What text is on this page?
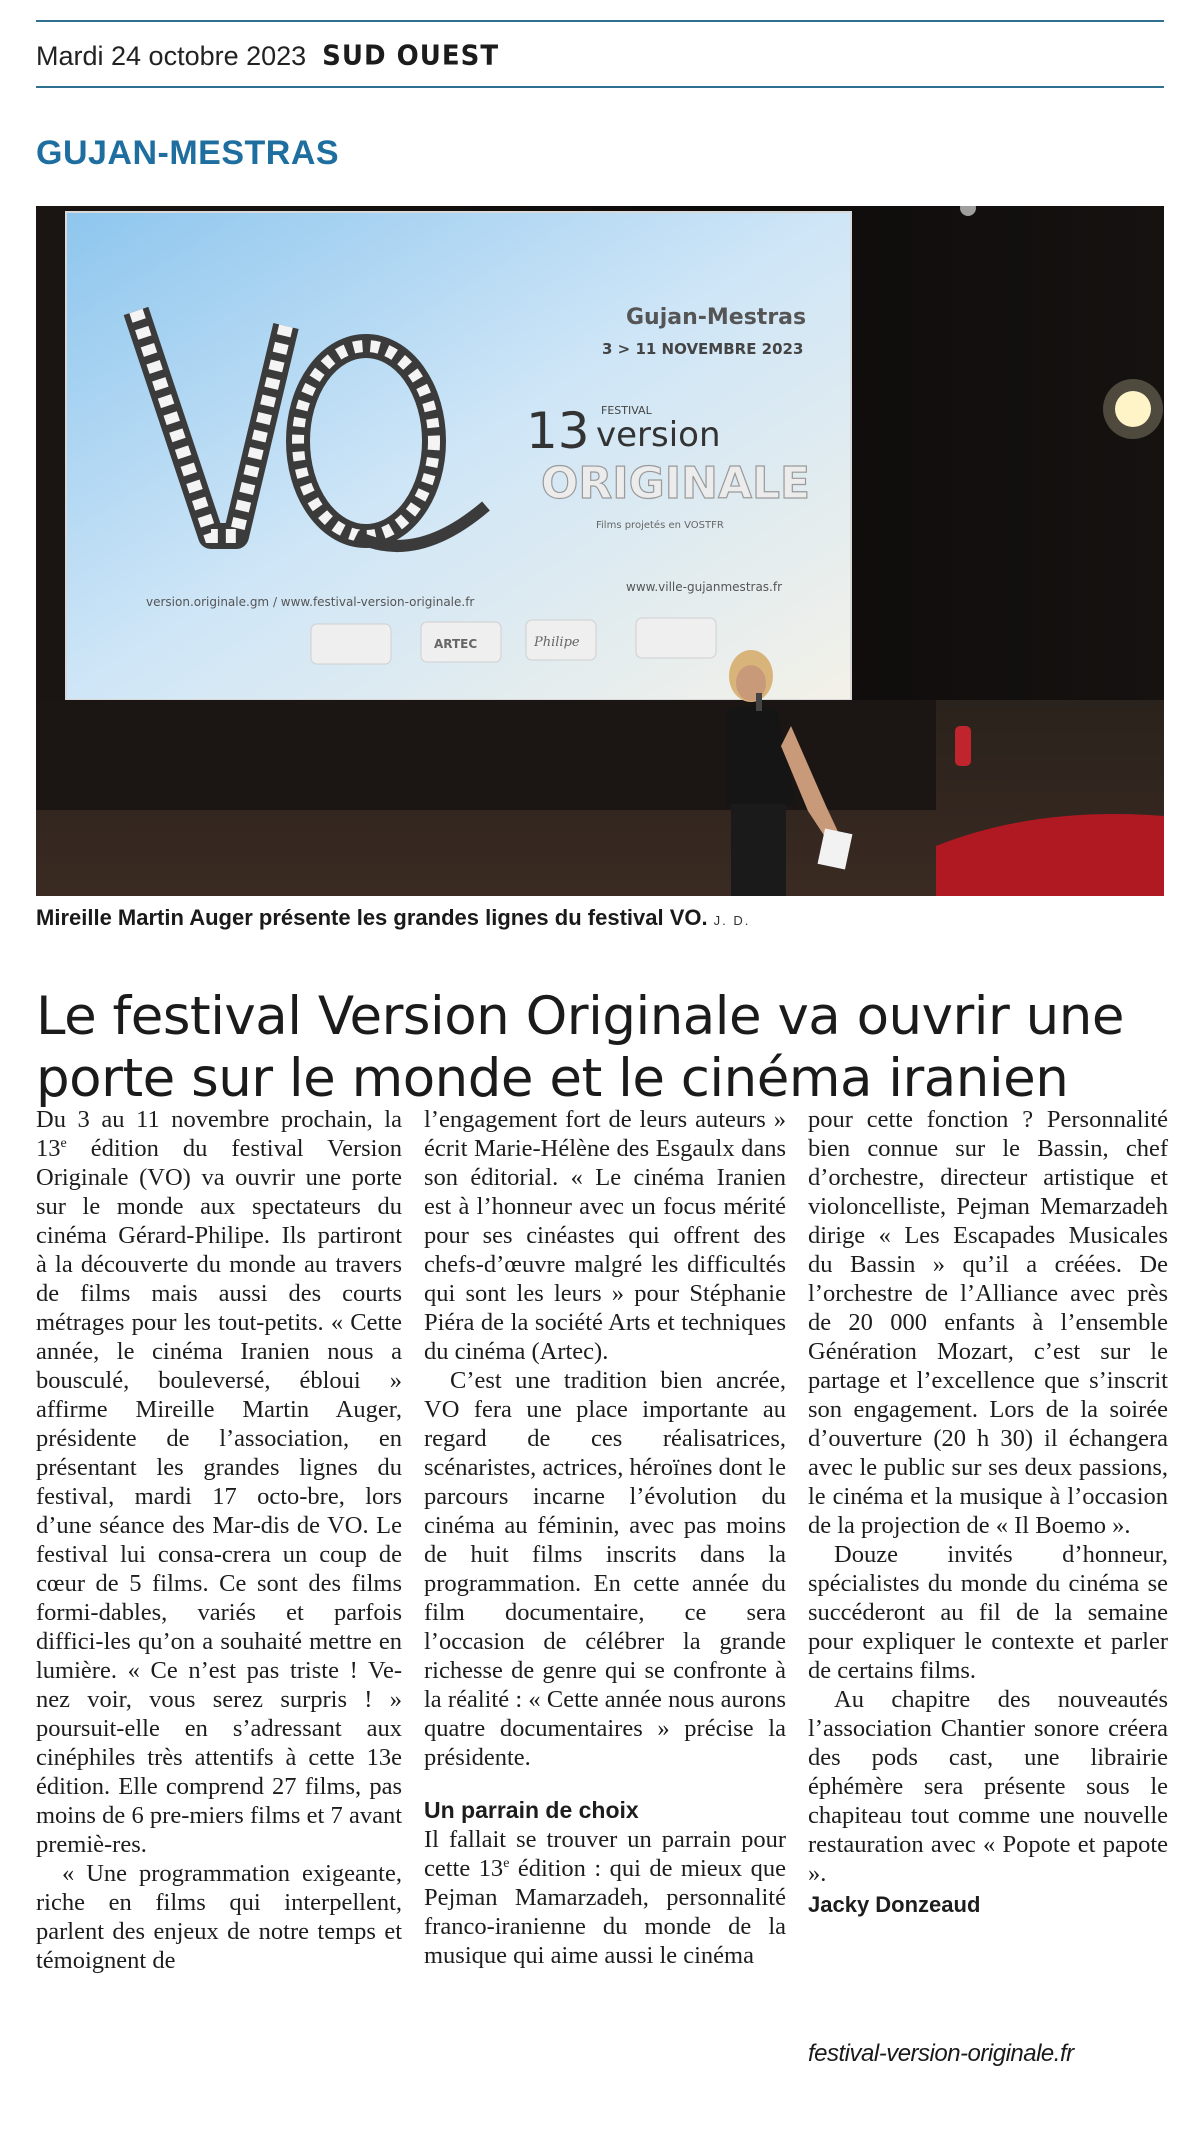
Mardi 24 octobre 2023 SUD OUEST
GUJAN-MESTRAS
Gujan-Mestras
3 > 11 NOVEMBRE 2023
13 FESTIVAL
version
ORIGINALE
Films projetés en VOSTFR
version.originale.gm / www.festival-version-originale.fr
www.ville-gujanmestras.fr
ARTEC	Philipe
Mireille Martin Auger présente les grandes lignes du festival VO. J. D.
Le festival Version Originale va ouvrir une porte sur le monde et le cinéma iranien

Du 3 au 11 novembre prochain, la 13e édition du festival Version Originale (VO) va ouvrir une porte sur le monde aux spectateurs du cinéma Gérard-Philipe. Ils partiront à la découverte du monde au travers de films mais aussi des courts métrages pour les tout-petits. « Cette année, le cinéma Iranien nous a bousculé, bouleversé, ébloui » affirme Mireille Martin Auger, présidente de l’association, en présentant les grandes lignes du festival, mardi 17 octo-bre, lors d’une séance des Mar-dis de VO. Le festival lui consa-crera un coup de cœur de 5 films. Ce sont des films formi-dables, variés et parfois diffici-les qu’on a souhaité mettre en lumière. « Ce n’est pas triste ! Ve-nez voir, vous serez surpris ! » poursuit-elle en s’adressant aux cinéphiles très attentifs à cette 13e édition. Elle comprend 27 films, pas moins de 6 pre-miers films et 7 avant premiè-res.

« Une programmation exigeante, riche en films qui interpellent, parlent des enjeux de notre temps et témoignent de

l’engagement fort de leurs auteurs » écrit Marie-Hélène des Esgaulx dans son éditorial. « Le cinéma Iranien est à l’honneur avec un focus mérité pour ses cinéastes qui offrent des chefs-d’œuvre malgré les difficultés qui sont les leurs » pour Stéphanie Piéra de la société Arts et techniques du cinéma (Artec).

C’est une tradition bien ancrée, VO fera une place importante au regard de ces réalisatrices, scénaristes, actrices, héroïnes dont le parcours incarne l’évolution du cinéma au féminin, avec pas moins de huit films inscrits dans la programmation. En cette année du film documentaire, ce sera l’occasion de célébrer la grande richesse de genre qui se confronte à la réalité : « Cette année nous aurons quatre documentaires » précise la présidente.

Un parrain de choix

Il fallait se trouver un parrain pour cette 13e édition : qui de mieux que Pejman Mamarzadeh, personnalité franco-iranienne du monde de la musique qui aime aussi le cinéma

pour cette fonction ? Personnalité bien connue sur le Bassin, chef d’orchestre, directeur artistique et violoncelliste, Pejman Memarzadeh dirige « Les Escapades Musicales du Bassin » qu’il a créées. De l’orchestre de l’Alliance avec près de 20 000 enfants à l’ensemble Génération Mozart, c’est sur le partage et l’excellence que s’inscrit son engagement. Lors de la soirée d’ouverture (20 h 30) il échangera avec le public sur ses deux passions, le cinéma et la musique à l’occasion de la projection de « Il Boemo ».

Douze invités d’honneur, spécialistes du monde du cinéma se succéderont au fil de la semaine pour expliquer le contexte et parler de certains films.

Au chapitre des nouveautés l’association Chantier sonore créera des pods cast, une librairie éphémère sera présente sous le chapiteau tout comme une nouvelle restauration avec « Popote et papote ».

Jacky Donzeaud
festival-version-originale.fr
